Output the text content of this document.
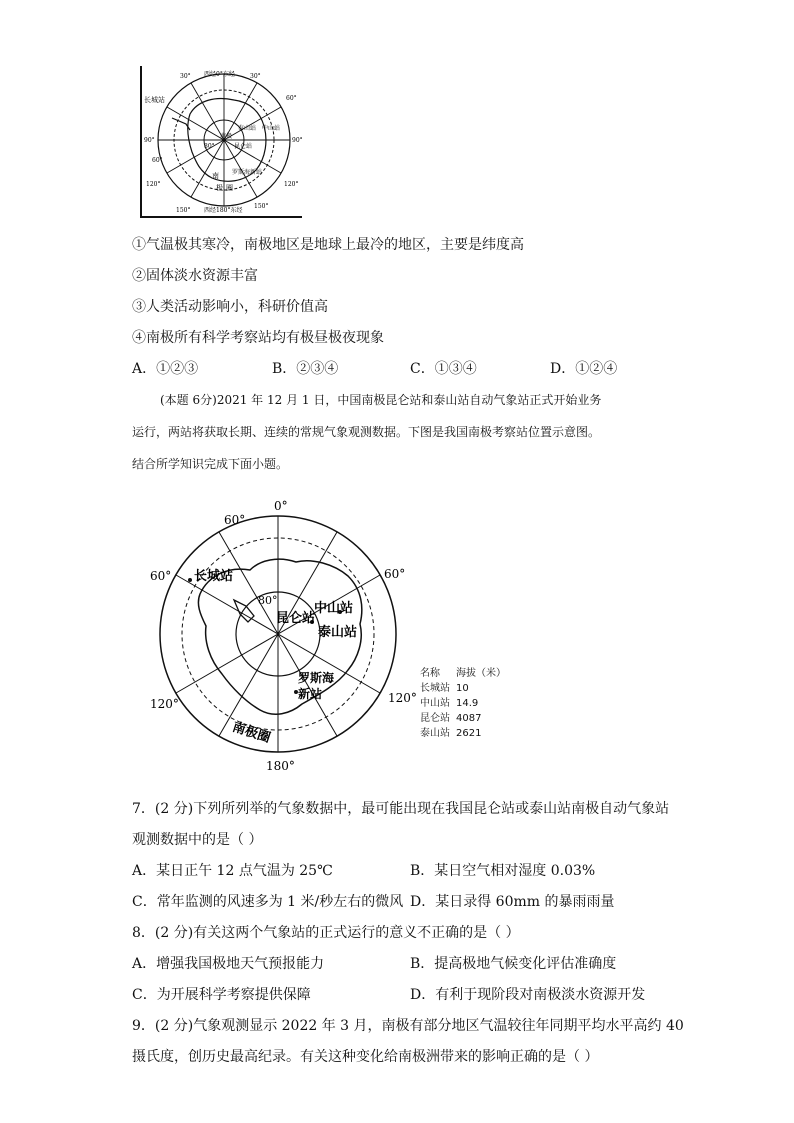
西经0°东经
西经180°东经
30°
30°
60°
60°
90°
90°
120°	120°
150°
150°
长城站
泰山站 中山站
南极
昆仑站
罗斯海新站
南
极 圈
80°
①气温极其寒冷，南极地区是地球上最冷的地区，主要是纬度高
②固体淡水资源丰富
③人类活动影响小，科研价值高
④南极所有科学考察站均有极昼极夜现象
A．①②③	B．②③④	C．①③④	D．①②④
(本题 6分)2021 年 12 月 1 日，中国南极昆仑站和泰山站自动气象站正式开始业务
运行，两站将获取长期、连续的常规气象观测数据。下图是我国南极考察站位置示意图。
结合所学知识完成下面小题。
0°
60°
60°	60°
80°
120°	120°
180°
长城站
中山站
昆仑站
泰山站
罗斯海
新站
南极圈
名称 海拔（米）
长城站 10
中山站 14.9
昆仑站 4087
泰山站 2621
7．(2 分)下列所列举的气象数据中，最可能出现在我国昆仑站或泰山站南极自动气象站
观测数据中的是（ ）
A．某日正午 12 点气温为 25℃	B．某日空气相对湿度 0.03%
C．常年监测的风速多为 1 米/秒左右的微风 D．某日录得 60mm 的暴雨雨量
8．(2 分)有关这两个气象站的正式运行的意义不正确的是（ ）
A．增强我国极地天气预报能力	B．提高极地气候变化评估准确度
C．为开展科学考察提供保障	D．有利于现阶段对南极淡水资源开发
9．(2 分)气象观测显示 2022 年 3 月，南极有部分地区气温较往年同期平均水平高约 40
摄氏度，创历史最高纪录。有关这种变化给南极洲带来的影响正确的是（ ）
